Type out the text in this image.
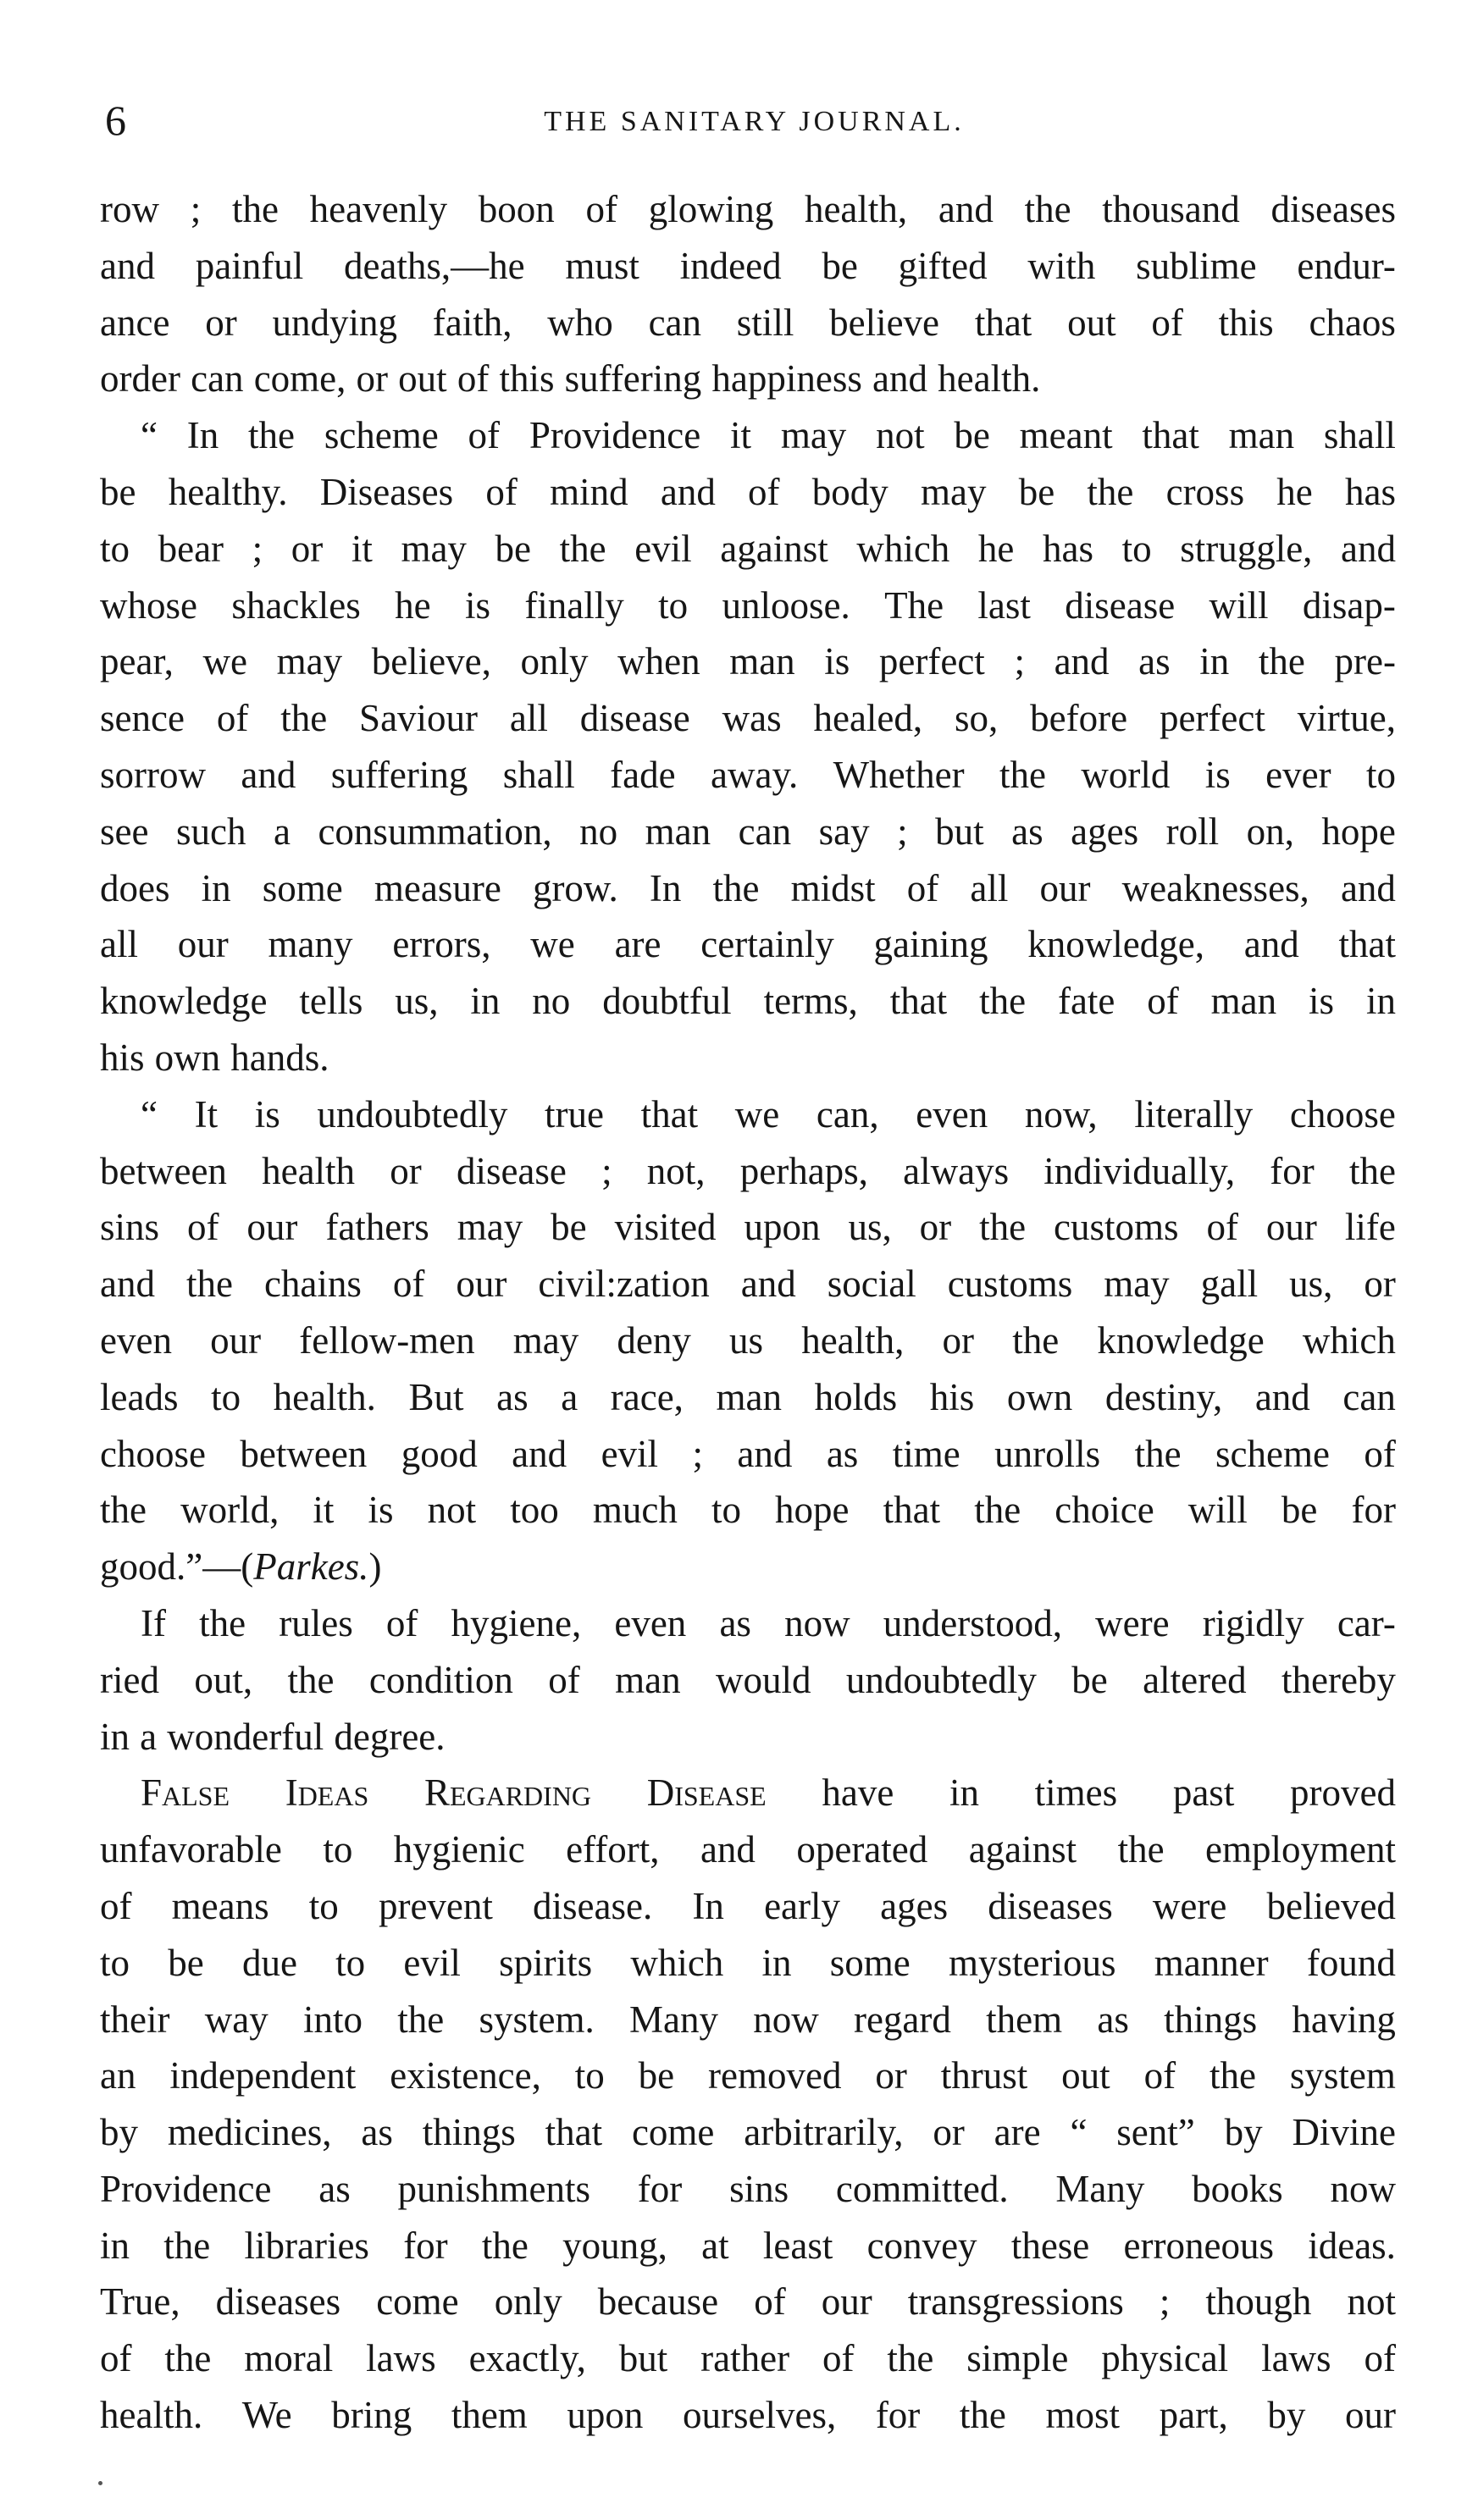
6	THE SANITARY JOURNAL.
row ; the heavenly boon of glowing health, and the thousand diseases
and painful deaths,—he must indeed be gifted with sublime endur-
ance or undying faith, who can still believe that out of this chaos
order can come, or out of this suffering happiness and health.
“ In the scheme of Providence it may not be meant that man shall
be healthy. Diseases of mind and of body may be the cross he has
to bear ; or it may be the evil against which he has to struggle, and
whose shackles he is finally to unloose. The last disease will disap-
pear, we may believe, only when man is perfect ; and as in the pre-
sence of the Saviour all disease was healed, so, before perfect virtue,
sorrow and suffering shall fade away. Whether the world is ever to
see such a consummation, no man can say ; but as ages roll on, hope
does in some measure grow. In the midst of all our weaknesses, and
all our many errors, we are certainly gaining knowledge, and that
knowledge tells us, in no doubtful terms, that the fate of man is in
his own hands.
“ It is undoubtedly true that we can, even now, literally choose
between health or disease ; not, perhaps, always individually, for the
sins of our fathers may be visited upon us, or the customs of our life
and the chains of our civil:zation and social customs may gall us, or
even our fellow-men may deny us health, or the knowledge which
leads to health. But as a race, man holds his own destiny, and can
choose between good and evil ; and as time unrolls the scheme of
the world, it is not too much to hope that the choice will be for
good.”—(Parkes.)
If the rules of hygiene, even as now understood, were rigidly car-
ried out, the condition of man would undoubtedly be altered thereby
in a wonderful degree.
False Ideas Regarding Disease have in times past proved
unfavorable to hygienic effort, and operated against the employment
of means to prevent disease. In early ages diseases were believed
to be due to evil spirits which in some mysterious manner found
their way into the system. Many now regard them as things having
an independent existence, to be removed or thrust out of the system
by medicines, as things that come arbitrarily, or are “ sent” by Divine
Providence as punishments for sins committed. Many books now
in the libraries for the young, at least convey these erroneous ideas.
True, diseases come only because of our transgressions ; though not
of the moral laws exactly, but rather of the simple physical laws of
health. We bring them upon ourselves, for the most part, by our
